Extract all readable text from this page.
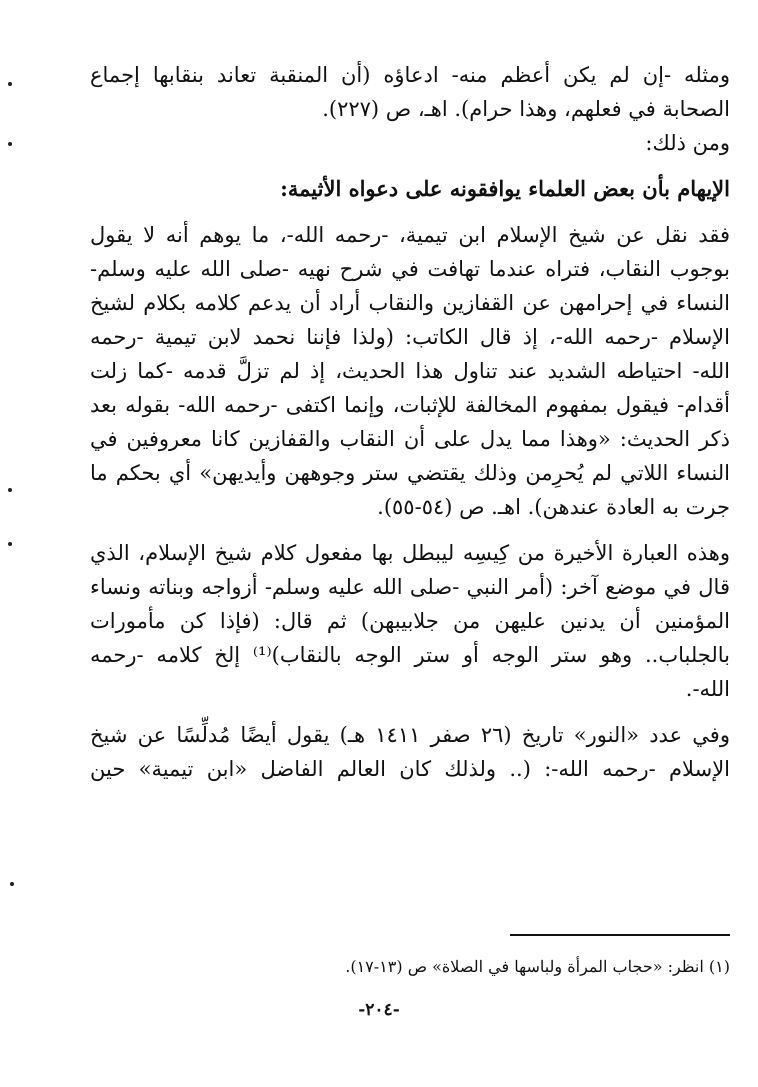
ومثله -إن لم يكن أعظم منه- ادعاؤه (أن المنقبة تعاند بنقابها إجماع
الصحابة في فعلهم، وهذا حرام). اهـ، ص (٢٢٧).
ومن ذلك:
الإيهام بأن بعض العلماء يوافقونه على دعواه الأثيمة:
فقد نقل عن شيخ الإسلام ابن تيمية، -رحمه الله-، ما يوهم أنه لا يقول
بوجوب النقاب، فتراه عندما تهافت في شرح نهيه -صلى الله عليه وسلم-
النساء في إحرامهن عن القفازين والنقاب أراد أن يدعم كلامه بكلام لشيخ
الإسلام -رحمه الله-، إذ قال الكاتب: (ولذا فإننا نحمد لابن تيمية -رحمه
الله- احتياطه الشديد عند تناول هذا الحديث، إذ لم تزلَّ قدمه -كما زلت
أقدام- فيقول بمفهوم المخالفة للإثبات، وإنما اكتفى -رحمه الله- بقوله بعد
ذكر الحديث: «وهذا مما يدل على أن النقاب والقفازين كانا معروفين في
النساء اللاتي لم يُحرِمن وذلك يقتضي ستر وجوههن وأيديهن» أي بحكم ما
جرت به العادة عندهن). اهـ. ص (٥٤-٥٥).
وهذه العبارة الأخيرة من كِيسِه ليبطل بها مفعول كلام شيخ الإسلام، الذي
قال في موضع آخر: (أمر النبي -صلى الله عليه وسلم- أزواجه وبناته ونساء
المؤمنين أن يدنين عليهن من جلابيبهن) ثم قال: (فإذا كن مأمورات
بالجلباب.. وهو ستر الوجه أو ستر الوجه بالنقاب)⁽¹⁾ إلخ كلامه -رحمه
الله-.
وفي عدد «النور» تاريخ (٢٦ صفر ١٤١١ هـ) يقول أيضًا مُدلِّسًا عن شيخ
الإسلام -رحمه الله-: (.. ولذلك كان العالم الفاضل «ابن تيمية» حين
(١) انظر: «حجاب المرأة ولباسها في الصلاة» ص (١٣-١٧).
-٢٠٤-
